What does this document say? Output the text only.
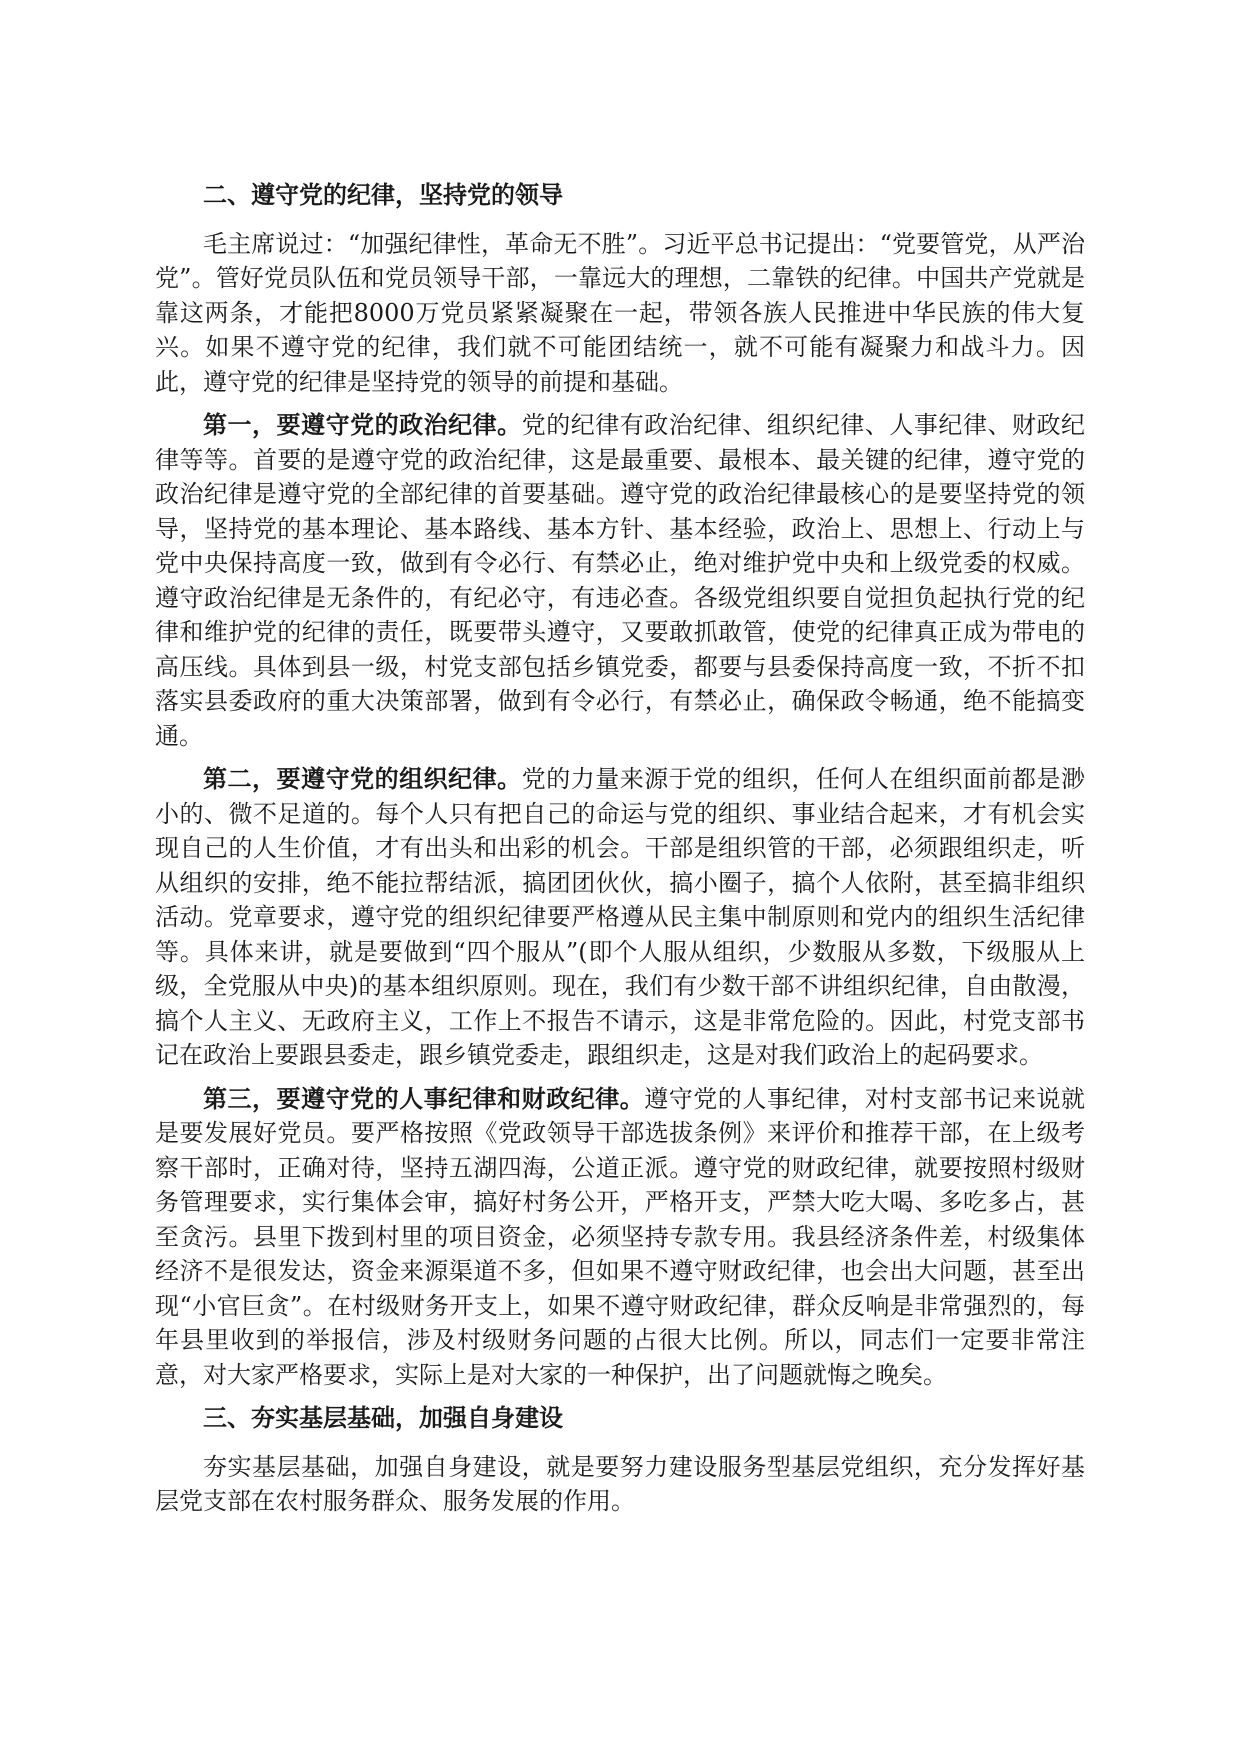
二、遵守党的纪律，坚持党的领导

毛主席说过：“加强纪律性，革命无不胜”。习近平总书记提出：“党要管党，从严治党”。管好党员队伍和党员领导干部，一靠远大的理想，二靠铁的纪律。中国共产党就是靠这两条，才能把8000万党员紧紧凝聚在一起，带领各族人民推进中华民族的伟大复兴。如果不遵守党的纪律，我们就不可能团结统一，就不可能有凝聚力和战斗力。因此，遵守党的纪律是坚持党的领导的前提和基础。

第一，要遵守党的政治纪律。党的纪律有政治纪律、组织纪律、人事纪律、财政纪律等等。首要的是遵守党的政治纪律，这是最重要、最根本、最关键的纪律，遵守党的政治纪律是遵守党的全部纪律的首要基础。遵守党的政治纪律最核心的是要坚持党的领导，坚持党的基本理论、基本路线、基本方针、基本经验，政治上、思想上、行动上与党中央保持高度一致，做到有令必行、有禁必止，绝对维护党中央和上级党委的权威。遵守政治纪律是无条件的，有纪必守，有违必查。各级党组织要自觉担负起执行党的纪律和维护党的纪律的责任，既要带头遵守，又要敢抓敢管，使党的纪律真正成为带电的高压线。具体到县一级，村党支部包括乡镇党委，都要与县委保持高度一致，不折不扣落实县委政府的重大决策部署，做到有令必行，有禁必止，确保政令畅通，绝不能搞变通。

第二，要遵守党的组织纪律。党的力量来源于党的组织，任何人在组织面前都是渺小的、微不足道的。每个人只有把自己的命运与党的组织、事业结合起来，才有机会实现自己的人生价值，才有出头和出彩的机会。干部是组织管的干部，必须跟组织走，听从组织的安排，绝不能拉帮结派，搞团团伙伙，搞小圈子，搞个人依附，甚至搞非组织活动。党章要求，遵守党的组织纪律要严格遵从民主集中制原则和党内的组织生活纪律等。具体来讲，就是要做到“四个服从”(即个人服从组织，少数服从多数，下级服从上级，全党服从中央)的基本组织原则。现在，我们有少数干部不讲组织纪律，自由散漫，搞个人主义、无政府主义，工作上不报告不请示，这是非常危险的。因此，村党支部书记在政治上要跟县委走，跟乡镇党委走，跟组织走，这是对我们政治上的起码要求。

第三，要遵守党的人事纪律和财政纪律。遵守党的人事纪律，对村支部书记来说就是要发展好党员。要严格按照《党政领导干部选拔条例》来评价和推荐干部，在上级考察干部时，正确对待，坚持五湖四海，公道正派。遵守党的财政纪律，就要按照村级财务管理要求，实行集体会审，搞好村务公开，严格开支，严禁大吃大喝、多吃多占，甚至贪污。县里下拨到村里的项目资金，必须坚持专款专用。我县经济条件差，村级集体经济不是很发达，资金来源渠道不多，但如果不遵守财政纪律，也会出大问题，甚至出现“小官巨贪”。在村级财务开支上，如果不遵守财政纪律，群众反响是非常强烈的，每年县里收到的举报信，涉及村级财务问题的占很大比例。所以，同志们一定要非常注意，对大家严格要求，实际上是对大家的一种保护，出了问题就悔之晚矣。

三、夯实基层基础，加强自身建设

夯实基层基础，加强自身建设，就是要努力建设服务型基层党组织，充分发挥好基层党支部在农村服务群众、服务发展的作用。
